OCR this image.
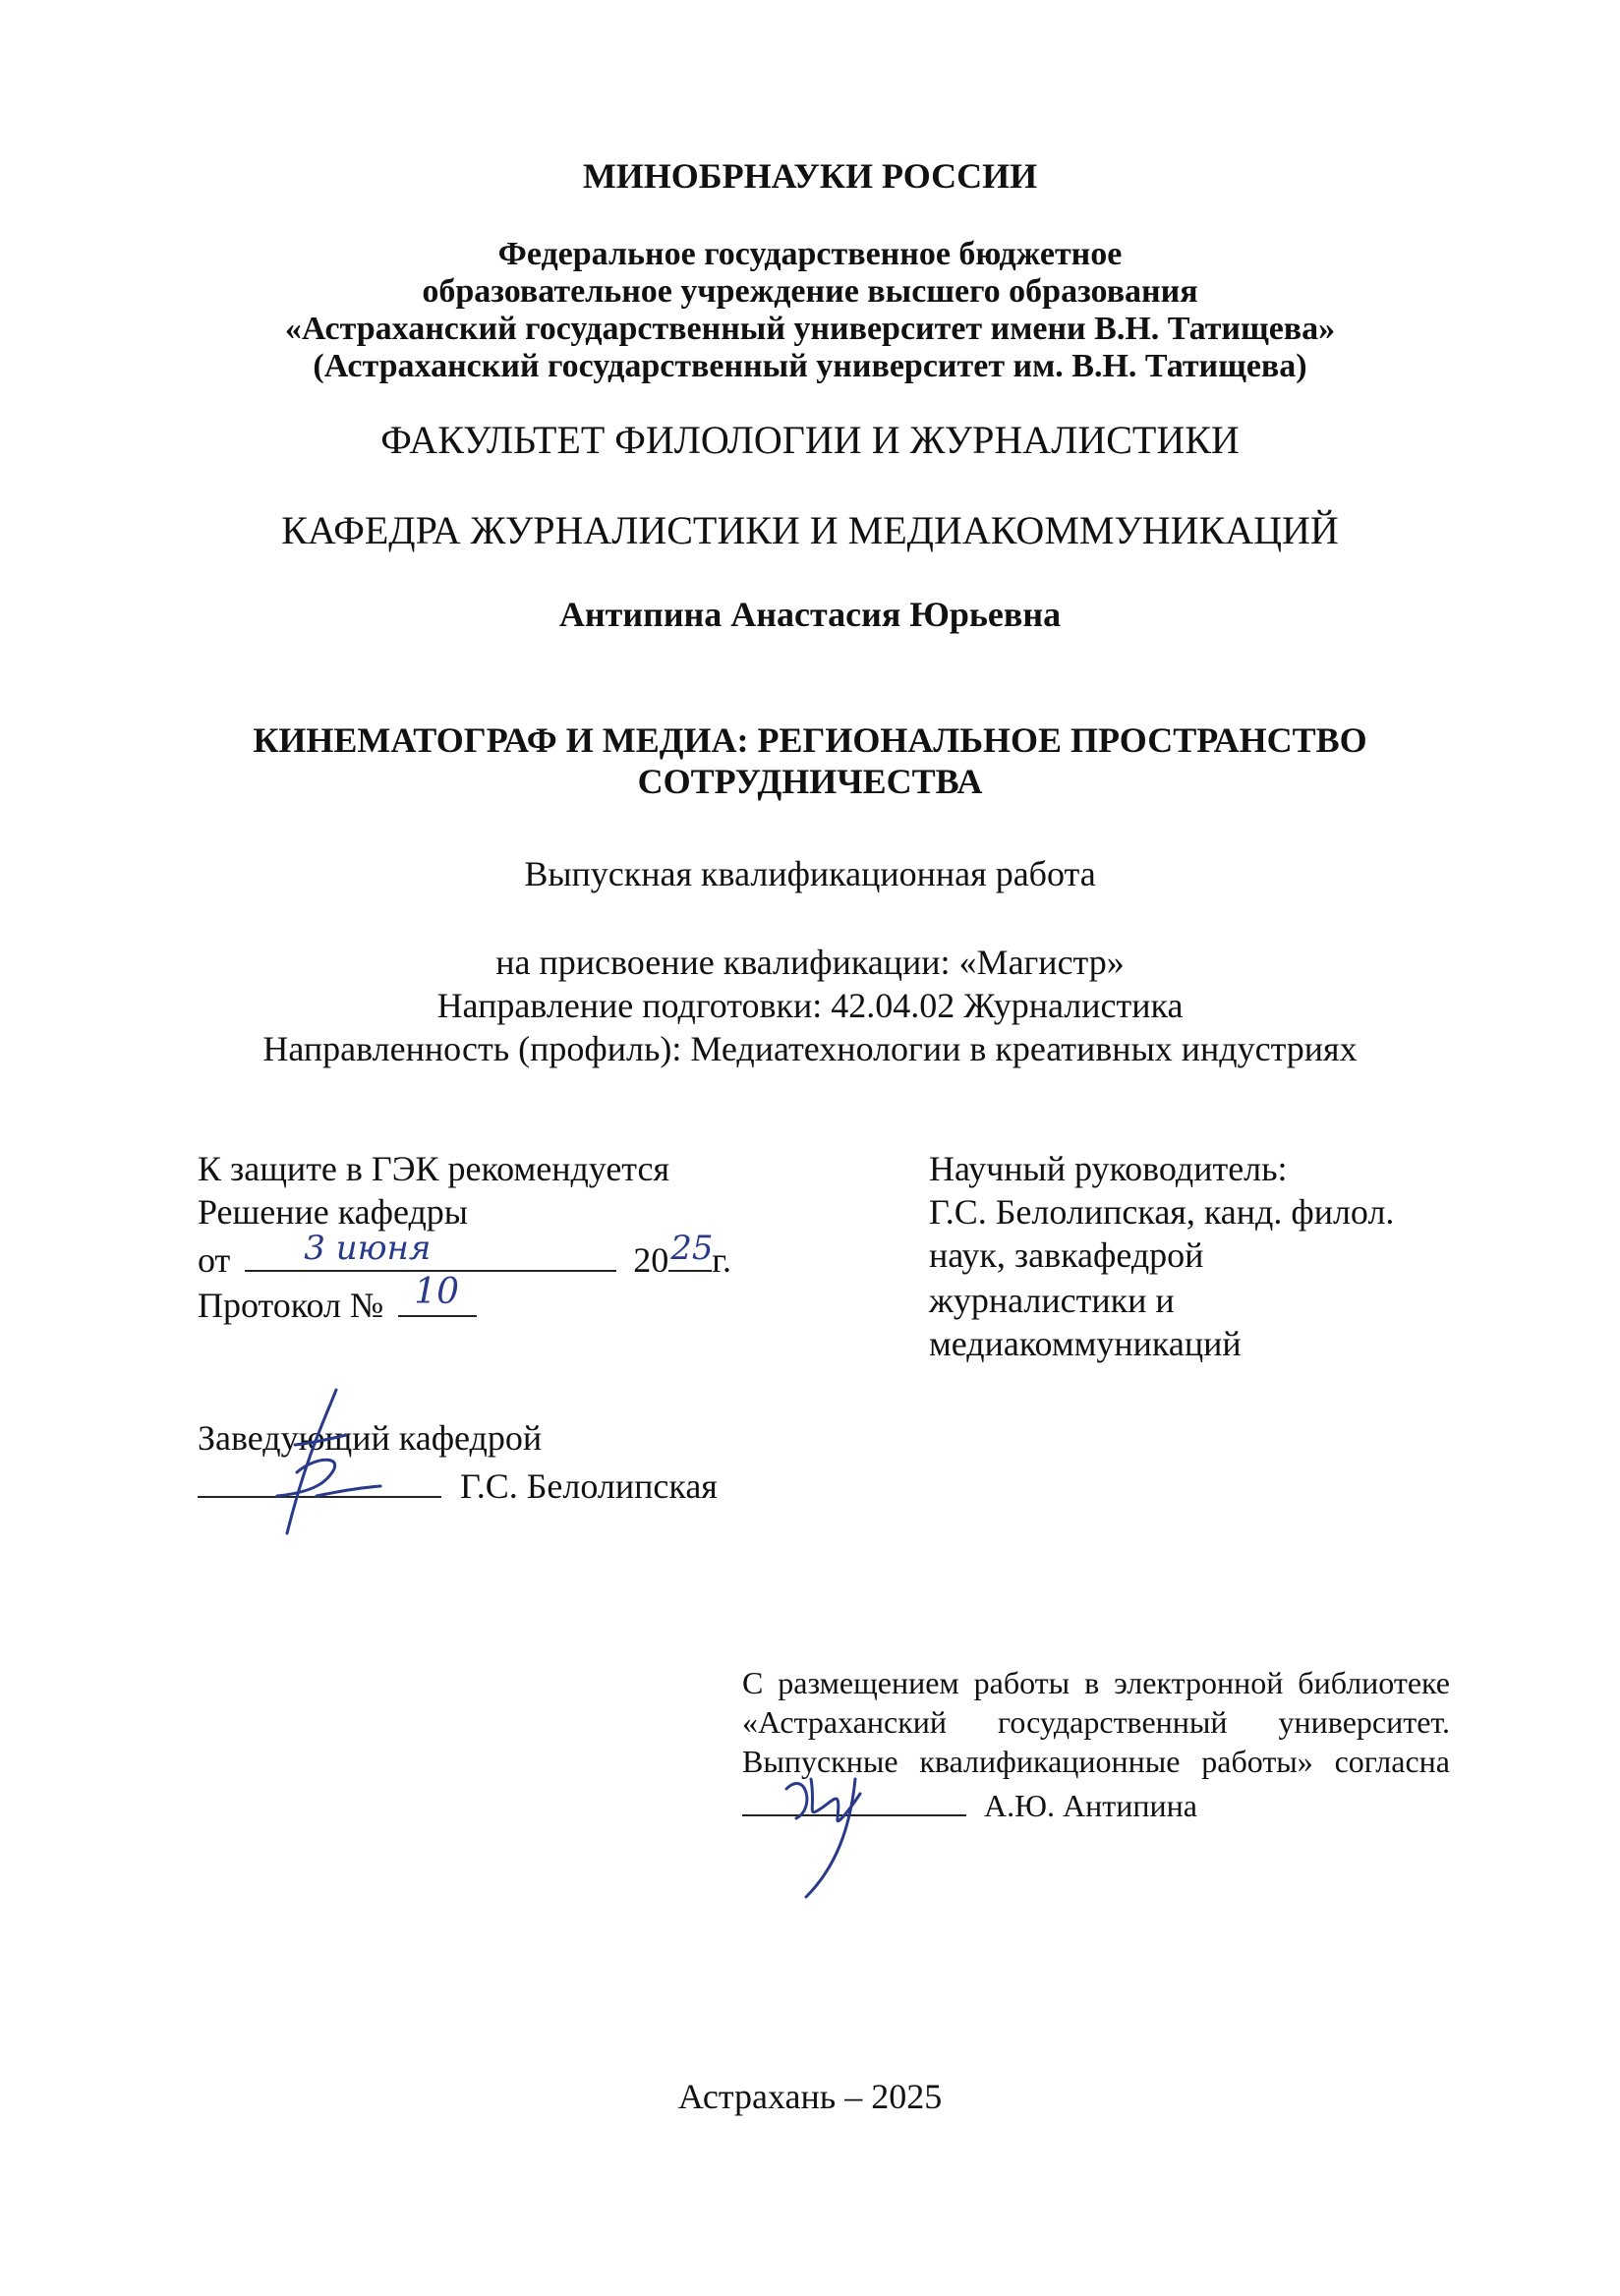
МИНОБРНАУКИ РОССИИ
Федеральное государственное бюджетное
образовательное учреждение высшего образования
«Астраханский государственный университет имени В.Н. Татищева»
(Астраханский государственный университет им. В.Н. Татищева)
ФАКУЛЬТЕТ ФИЛОЛОГИИ И ЖУРНАЛИСТИКИ
КАФЕДРА ЖУРНАЛИСТИКИ И МЕДИАКОММУНИКАЦИЙ
Антипина Анастасия Юрьевна
КИНЕМАТОГРАФ И МЕДИА: РЕГИОНАЛЬНОЕ ПРОСТРАНСТВО
СОТРУДНИЧЕСТВА
Выпускная квалификационная работа
на присвоение квалификации: «Магистр»
Направление подготовки: 42.04.02 Журналистика
Направленность (профиль): Медиатехнологии в креативных индустриях
К защите в ГЭК рекомендуется
Решение кафедры
от 3 июня	20 25
г.
Протокол № 10
Научный руководитель:
Г.С. Белолипская, канд. филол.
наук, завкафедрой
журналистики и
медиакоммуникаций
Заведующий кафедрой
Г.С. Белолипская
С размещением работы в электронной библиотеке
«Астраханский государственный университет.
Выпускные квалификационные работы» согласна
А.Ю. Антипина
Астрахань – 2025
